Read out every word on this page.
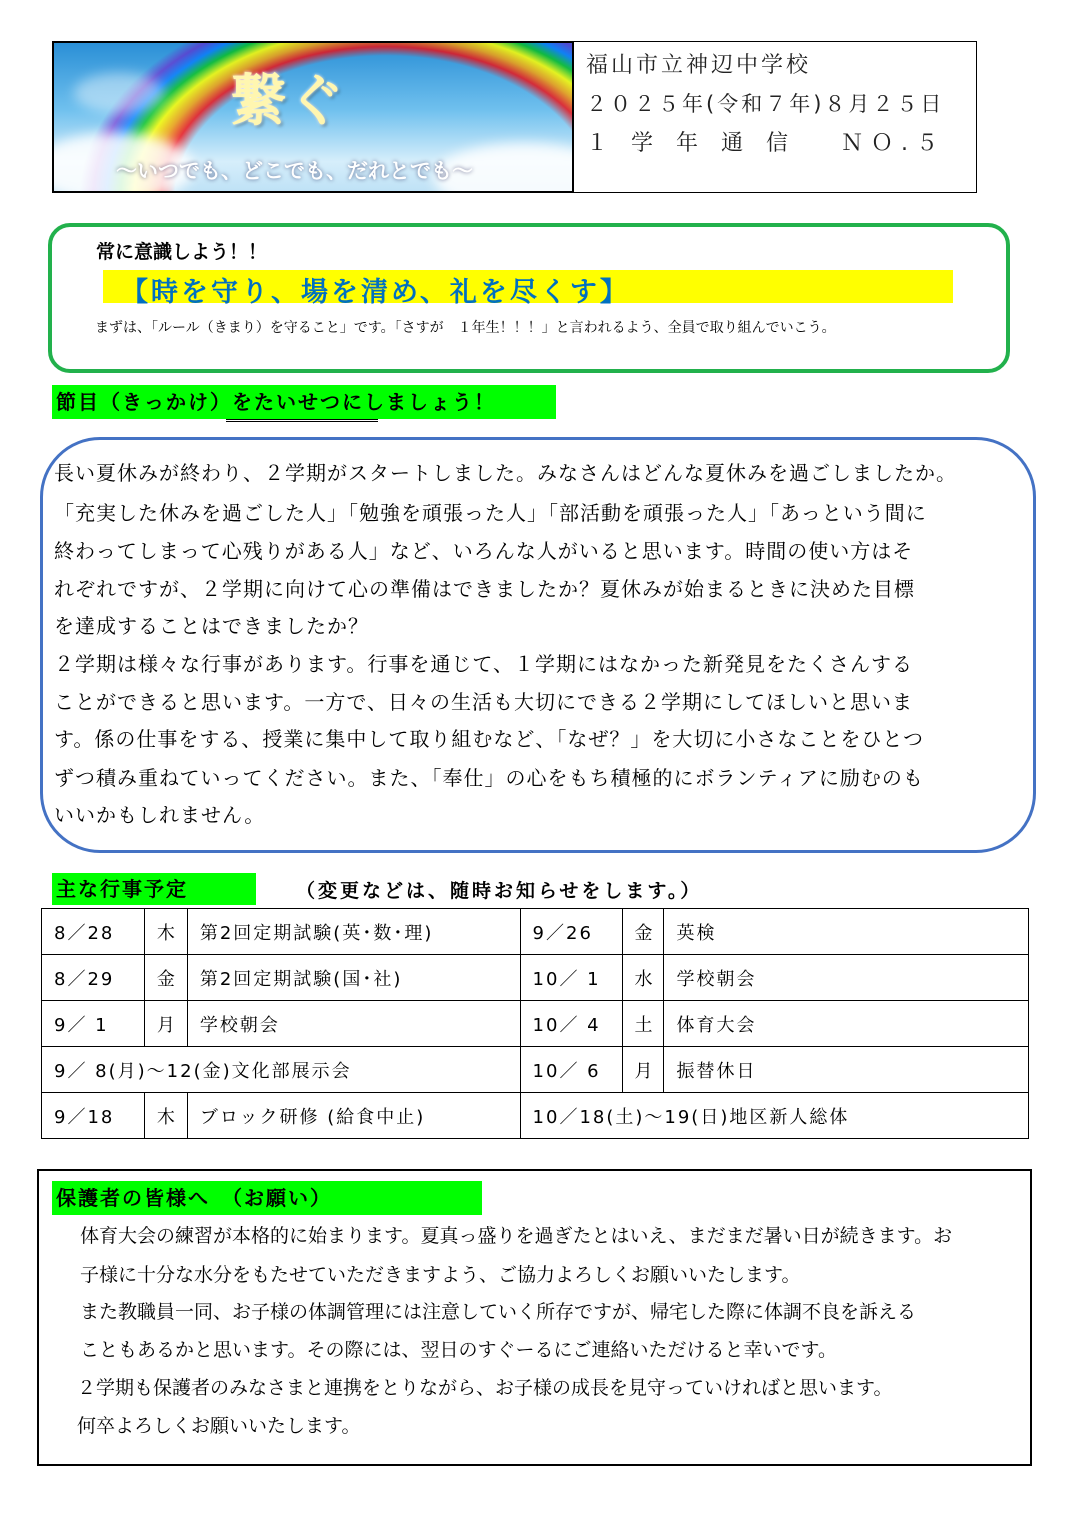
繋ぐ
〜いつでも、どこでも、だれとでも〜
福山市立神辺中学校
２０２５年(令和７年)８月２５日
１ 学 年 通 信　 ＮＯ.５
常に意識しよう！！
【時を守り、場を清め、礼を尽くす】
まずは、「ルール（きまり）を守ること」です。「さすが　１年生！！！」と言われるよう、全員で取り組んでいこう。
節目（きっかけ）をたいせつにしましょう！
長い夏休みが終わり、２学期がスタートしました。みなさんはどんな夏休みを過ごしましたか。
「充実した休みを過ごした人」「勉強を頑張った人」「部活動を頑張った人」「あっという間に
終わってしまって心残りがある人」など、いろんな人がいると思います。時間の使い方はそ
れぞれですが、２学期に向けて心の準備はできましたか？夏休みが始まるときに決めた目標
を達成することはできましたか？
２学期は様々な行事があります。行事を通じて、１学期にはなかった新発見をたくさんする
ことができると思います。一方で、日々の生活も大切にできる２学期にしてほしいと思いま
す。係の仕事をする、授業に集中して取り組むなど、「なぜ？」を大切に小さなことをひとつ
ずつ積み重ねていってください。また、「奉仕」の心をもち積極的にボランティアに励むのも
いいかもしれません。
主な行事予定	（変更などは、随時お知らせをします。）
8／28	木	第2回定期試験(英･数･理)	9／26	金	英検
8／29	金	第2回定期試験(国･社)	10／ 1	水	学校朝会
9／ 1	月	学校朝会	10／ 4	土	体育大会
9／ 8(月)〜12(金)文化部展示会			10／ 6	月	振替休日
9／18	木	ブロック研修 (給食中止)	10／18(土)〜19(日)地区新人総体		
保護者の皆様へ　（お願い）
体育大会の練習が本格的に始まります。夏真っ盛りを過ぎたとはいえ、まだまだ暑い日が続きます。お
子様に十分な水分をもたせていただきますよう、ご協力よろしくお願いいたします。
また教職員一同、お子様の体調管理には注意していく所存ですが、帰宅した際に体調不良を訴える
こともあるかと思います。その際には、翌日のすぐーるにご連絡いただけると幸いです。
２学期も保護者のみなさまと連携をとりながら、お子様の成長を見守っていければと思います。
何卒よろしくお願いいたします。
